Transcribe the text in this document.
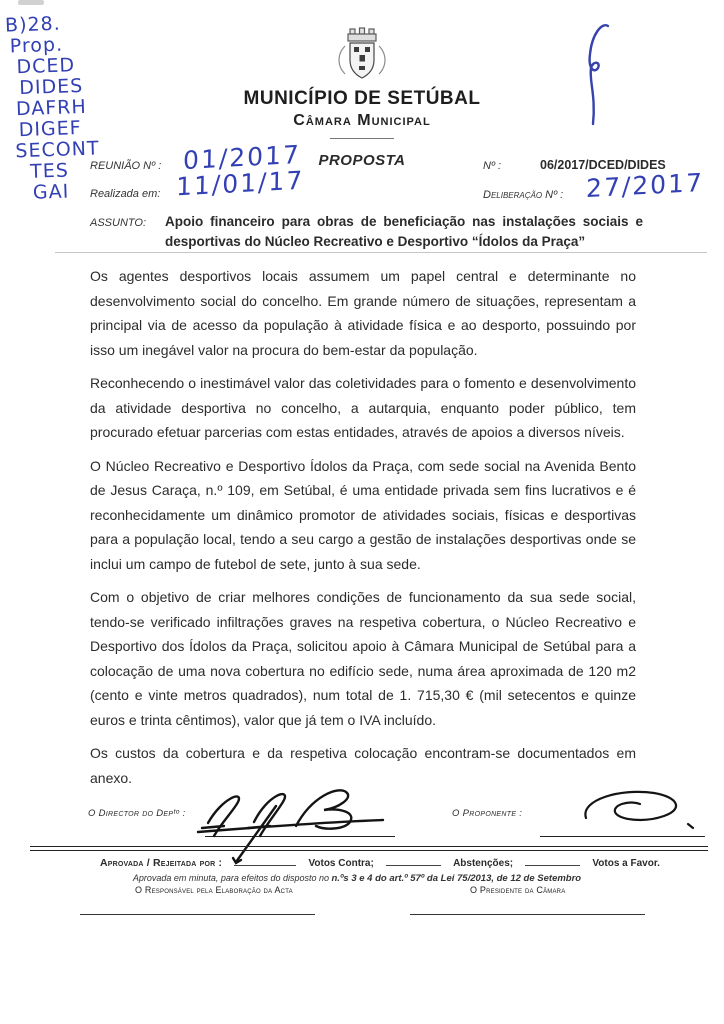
B)28.
Prop.
DCED
DIDES
DAFRH
DIGEF
SECONT
TES
GAI
MUNICÍPIO DE SETÚBAL
Câmara Municipal
REUNIÃO Nº : 01/2017
Realizada em: 11/01/17
PROPOSTA	Nº :	06/2017/DCED/DIDES
Deliberação Nº : 27/2017
ASSUNTO: Apoio financeiro para obras de beneficiação nas instalações sociais e desportivas do Núcleo Recreativo e Desportivo “Ídolos da Praça”

Os agentes desportivos locais assumem um papel central e determinante no desenvolvimento social do concelho. Em grande número de situações, representam a principal via de acesso da população à atividade física e ao desporto, possuindo por isso um inegável valor na procura do bem-estar da população.

Reconhecendo o inestimável valor das coletividades para o fomento e desenvolvimento da atividade desportiva no concelho, a autarquia, enquanto poder público, tem procurado efetuar parcerias com estas entidades, através de apoios a diversos níveis.

O Núcleo Recreativo e Desportivo Ídolos da Praça, com sede social na Avenida Bento de Jesus Caraça, n.º 109, em Setúbal, é uma entidade privada sem fins lucrativos e é reconhecidamente um dinâmico promotor de atividades sociais, físicas e desportivas para a população local, tendo a seu cargo a gestão de instalações desportivas onde se inclui um campo de futebol de sete, junto à sua sede.

Com o objetivo de criar melhores condições de funcionamento da sua sede social, tendo-se verificado infiltrações graves na respetiva cobertura, o Núcleo Recreativo e Desportivo dos Ídolos da Praça, solicitou apoio à Câmara Municipal de Setúbal para a colocação de uma nova cobertura no edifício sede, numa área aproximada de 120 m2 (cento e vinte metros quadrados), num total de 1. 715,30 € (mil setecentos e quinze euros e trinta cêntimos), valor que já tem o IVA incluído.

Os custos da cobertura e da respetiva colocação encontram-se documentados em anexo.

O Director do Depᵗᵒ :	O Proponente :
Aprovada / Rejeitada por :	Votos Contra;	Abstenções;	Votos a Favor.
Aprovada em minuta, para efeitos do disposto no n.ºs 3 e 4 do art.º 57º da Lei 75/2013, de 12 de Setembro
O Responsável pela Elaboração da Acta	O Presidente da Câmara
